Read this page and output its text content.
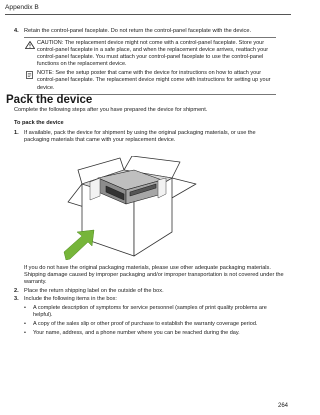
Appendix B
4. Retain the control-panel faceplate. Do not return the control-panel faceplate with the device.
CAUTION: The replacement device might not come with a control-panel faceplate. Store your control-panel faceplate in a safe place, and when the replacement device arrives, reattach your control-panel faceplate. You must attach your control-panel faceplate to use the control-panel functions on the replacement device.
NOTE: See the setup poster that came with the device for instructions on how to attach your control-panel faceplate. The replacement device might come with instructions for setting up your device.
Pack the device
Complete the following steps after you have prepared the device for shipment.
To pack the device
1. If available, pack the device for shipment by using the original packaging materials, or use the packaging materials that came with your replacement device.
If you do not have the original packaging materials, please use other adequate packaging materials. Shipping damage caused by improper packaging and/or improper transportation is not covered under the warranty.
2. Place the return shipping label on the outside of the box.
3. Include the following items in the box:
• A complete description of symptoms for service personnel (samples of print quality problems are helpful).
• A copy of the sales slip or other proof of purchase to establish the warranty coverage period.
• Your name, address, and a phone number where you can be reached during the day.
264
